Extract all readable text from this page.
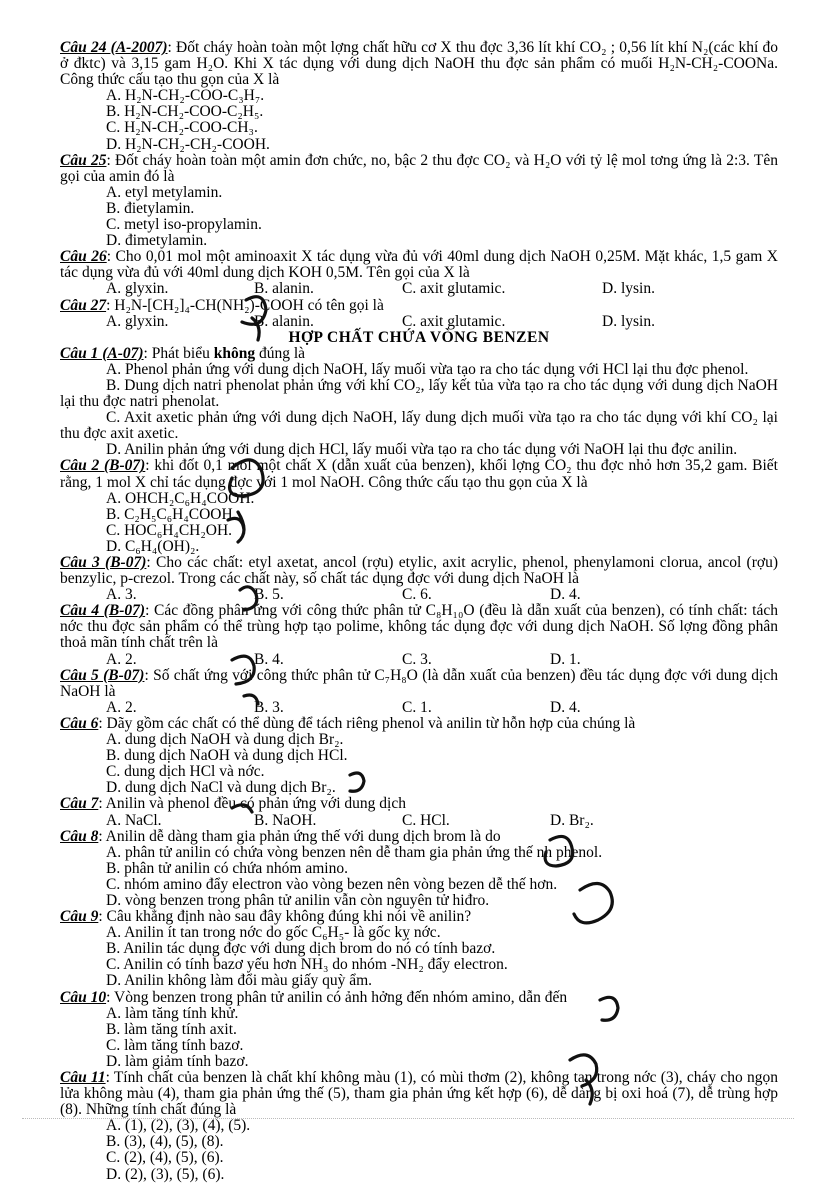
Câu 24 (A-2007): Đốt cháy hoàn toàn một lợng chất hữu cơ X thu đợc 3,36 lít khí CO₂ ; 0,56 lít khí N₂(các khí đo ở đktc) và 3,15 gam H₂O. Khi X tác dụng với dung dịch NaOH thu đợc sản phẩm có muối H₂N-CH₂-COONa. Công thức cấu tạo thu gọn của X là

A. H₂N-CH₂-COO-C₃H₇.
B. H₂N-CH₂-COO-C₂H₅.
C. H₂N-CH₂-COO-CH₃.
D. H₂N-CH₂-CH₂-COOH.

Câu 25: Đốt cháy hoàn toàn một amin đơn chức, no, bậc 2 thu đợc CO₂ và H₂O với tỷ lệ mol tơng ứng là 2:3. Tên gọi của amin đó là

A. etyl metylamin.
B. đietylamin.
C. metyl iso-propylamin.
D. đimetylamin.

Câu 26: Cho 0,01 mol một aminoaxit X tác dụng vừa đủ với 40ml dung dịch NaOH 0,25M. Mặt khác, 1,5 gam X tác dụng vừa đủ với 40ml dung dịch KOH 0,5M. Tên gọi của X là

A. glyxin.	B. alanin.	C. axit glutamic.	D. lysin.

Câu 27: H₂N-[CH₂]₄-CH(NH₂)-COOH có tên gọi là

A. glyxin.	B. alanin.	C. axit glutamic.	D. lysin.

HỢP CHẤT CHỨA VÒNG BENZEN

Câu 1 (A-07): Phát biểu không đúng là

A. Phenol phản ứng với dung dịch NaOH, lấy muối vừa tạo ra cho tác dụng với HCl lại thu đợc phenol.

B. Dung dịch natri phenolat phản ứng với khí CO₂, lấy kết tủa vừa tạo ra cho tác dụng với dung dịch NaOH lại thu đợc natri phenolat.

C. Axit axetic phản ứng với dung dịch NaOH, lấy dung dịch muối vừa tạo ra cho tác dụng với khí CO₂ lại thu đợc axit axetic.

D. Anilin phản ứng với dung dịch HCl, lấy muối vừa tạo ra cho tác dụng với NaOH lại thu đợc anilin.

Câu 2 (B-07): khi đốt 0,1 mol một chất X (dẫn xuất của benzen), khối lợng CO₂ thu đợc nhỏ hơn 35,2 gam. Biết rằng, 1 mol X chỉ tác dụng đợc với 1 mol NaOH. Công thức cấu tạo thu gọn của X là

A. OHCH₂C₆H₄COOH.
B. C₂H₅C₆H₄COOH.
C. HOC₆H₄CH₂OH.
D. C₆H₄(OH)₂.

Câu 3 (B-07): Cho các chất: etyl axetat, ancol (rợu) etylic, axit acrylic, phenol, phenylamoni clorua, ancol (rợu) benzylic, p-crezol. Trong các chất này, số chất tác dụng đợc với dung dịch NaOH là

A. 3.	B. 5.	C. 6.	D. 4.

Câu 4 (B-07): Các đồng phân ứng với công thức phân tử C₈H₁₀O (đều là dẫn xuất của benzen), có tính chất: tách nớc thu đợc sản phẩm có thể trùng hợp tạo polime, không tác dụng đợc với dung dịch NaOH. Số lợng đồng phân thoả mãn tính chất trên là

A. 2.	B. 4.	C. 3.	D. 1.

Câu 5 (B-07): Số chất ứng với công thức phân tử C₇H₈O (là dẫn xuất của benzen) đều tác dụng đợc với dung dịch NaOH là

A. 2.	B. 3.	C. 1.	D. 4.

Câu 6: Dãy gồm các chất có thể dùng để tách riêng phenol và anilin từ hỗn hợp của chúng là

A. dung dịch NaOH và dung dịch Br₂.
B. dung dịch NaOH và dung dịch HCl.
C. dung dịch HCl và nớc.
D. dung dịch NaCl và dung dịch Br₂.

Câu 7: Anilin và phenol đều có phản ứng với dung dịch

A. NaCl.	B. NaOH.	C. HCl.	D. Br₂.

Câu 8: Anilin dễ dàng tham gia phản ứng thế với dung dịch brom là do

A. phân tử anilin có chứa vòng benzen nên dễ tham gia phản ứng thế nh phenol.

B. phân tử anilin có chứa nhóm amino.

C. nhóm amino đẩy electron vào vòng bezen nên vòng bezen dễ thế hơn.

D. vòng benzen trong phân tử anilin vẫn còn nguyên tử hiđro.

Câu 9: Câu khẳng định nào sau đây không đúng khi nói về anilin?

A. Anilin ít tan trong nớc do gốc C₆H₅- là gốc kỵ nớc.

B. Anilin tác dụng đợc với dung dịch brom do nó có tính bazơ.

C. Anilin có tính bazơ yếu hơn NH₃ do nhóm -NH₂ đẩy electron.

D. Anilin không làm đổi màu giấy quỳ ẩm.

Câu 10: Vòng benzen trong phân tử anilin có ảnh hởng đến nhóm amino, dẫn đến

A. làm tăng tính khử.
B. làm tăng tính axit.
C. làm tăng tính bazơ.
D. làm giảm tính bazơ.

Câu 11: Tính chất của benzen là chất khí không màu (1), có mùi thơm (2), không tan trong nớc (3), cháy cho ngọn lửa không màu (4), tham gia phản ứng thế (5), tham gia phản ứng kết hợp (6), dễ dàng bị oxi hoá (7), dễ trùng hợp (8). Những tính chất đúng là

A. (1), (2), (3), (4), (5).
B. (3), (4), (5), (8).
C. (2), (4), (5), (6).
D. (2), (3), (5), (6).
